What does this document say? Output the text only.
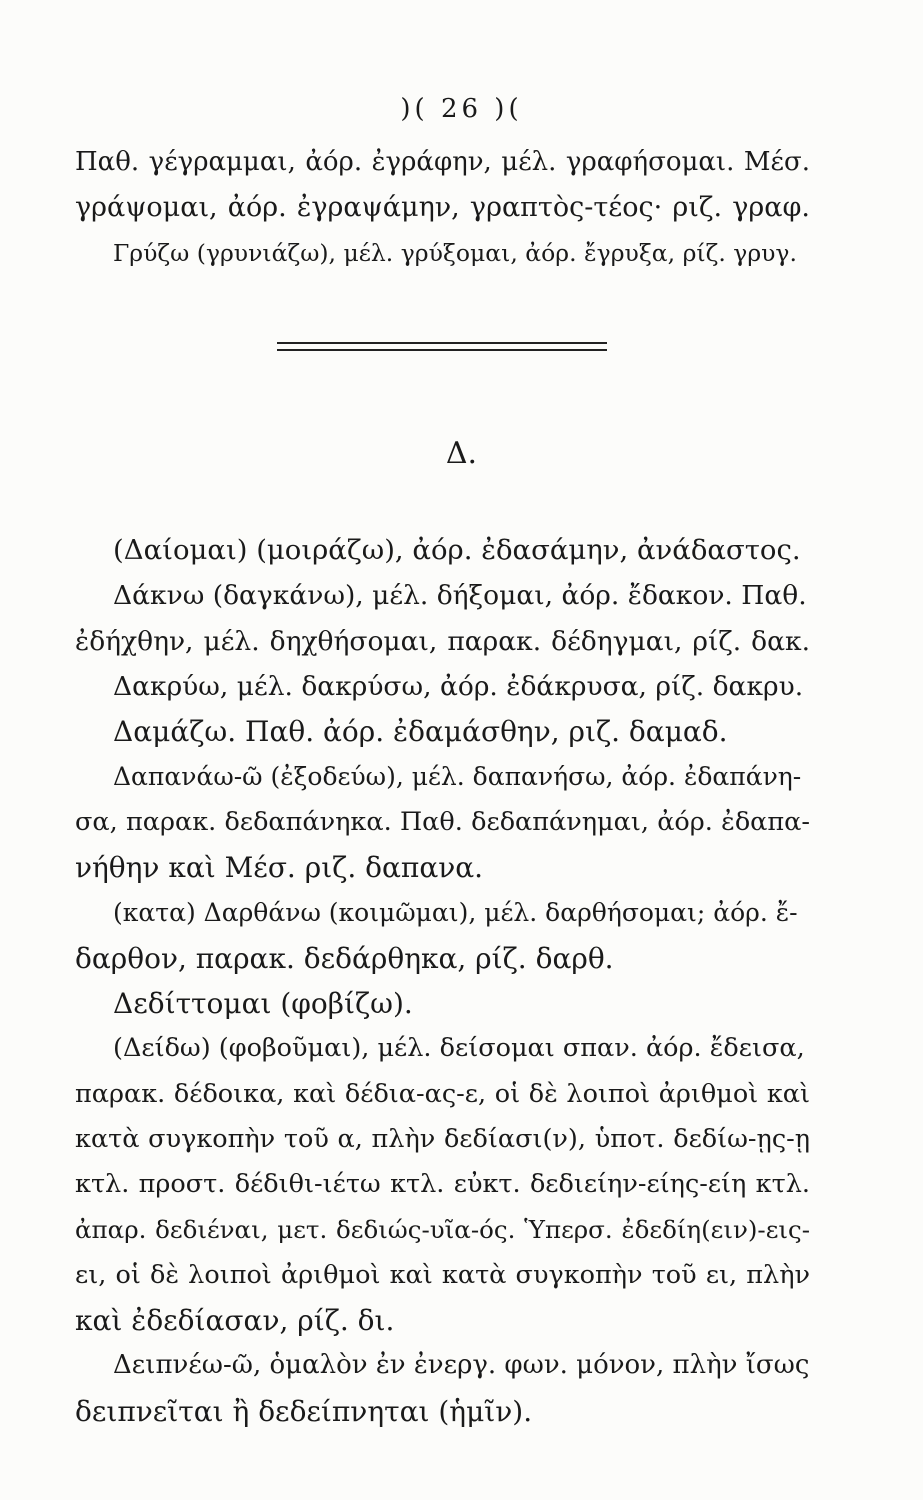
)( 26 )(
Παθ. γέγραμμαι, ἀόρ. ἐγράφην, μέλ. γραφήσομαι. Μέσ.
γράψομαι, ἀόρ. ἐγραψάμην, γραπτὸς-τέος· ριζ. γραφ.
Γρύζω (γρυνιάζω), μέλ. γρύξομαι, ἀόρ. ἔγρυξα, ρίζ. γρυγ.
Δ.
(Δαίομαι) (μοιράζω), ἀόρ. ἐδασάμην, ἀνάδαστος.
Δάκνω (δαγκάνω), μέλ. δήξομαι, ἀόρ. ἔδακον. Παθ.
ἐδήχθην, μέλ. δηχθήσομαι, παρακ. δέδηγμαι, ρίζ. δακ.
Δακρύω, μέλ. δακρύσω, ἀόρ. ἐδάκρυσα, ρίζ. δακρυ.
Δαμάζω. Παθ. ἀόρ. ἐδαμάσθην, ριζ. δαμαδ.
Δαπανάω-ῶ (ἐξοδεύω), μέλ. δαπανήσω, ἀόρ. ἐδαπάνη-
σα, παρακ. δεδαπάνηκα. Παθ. δεδαπάνημαι, ἀόρ. ἐδαπα-
νήθην καὶ Μέσ. ριζ. δαπανα.
(κατα) Δαρθάνω (κοιμῶμαι), μέλ. δαρθήσομαι; ἀόρ. ἔ-
δαρθον, παρακ. δεδάρθηκα, ρίζ. δαρθ.
Δεδίττομαι (φοβίζω).
(Δείδω) (φοβοῦμαι), μέλ. δείσομαι σπαν. ἀόρ. ἔδεισα,
παρακ. δέδοικα, καὶ δέδια-ας-ε, οἱ δὲ λοιποὶ ἀριθμοὶ καὶ
κατὰ συγκοπὴν τοῦ α, πλὴν δεδίασι(ν), ὑποτ. δεδίω-ῃς-ῃ
κτλ. προστ. δέδιθι-ιέτω κτλ. εὐκτ. δεδιείην-είης-είη κτλ.
ἀπαρ. δεδιέναι, μετ. δεδιώς-υῖα-ός. Ὑπερσ. ἐδεδίη(ειν)-εις-
ει, οἱ δὲ λοιποὶ ἀριθμοὶ καὶ κατὰ συγκοπὴν τοῦ ει, πλὴν
καὶ ἐδεδίασαν, ρίζ. δι.
Δειπνέω-ῶ, ὁμαλὸν ἐν ἐνεργ. φων. μόνον, πλὴν ἴσως
δειπνεῖται ἢ δεδείπνηται (ἡμῖν).
